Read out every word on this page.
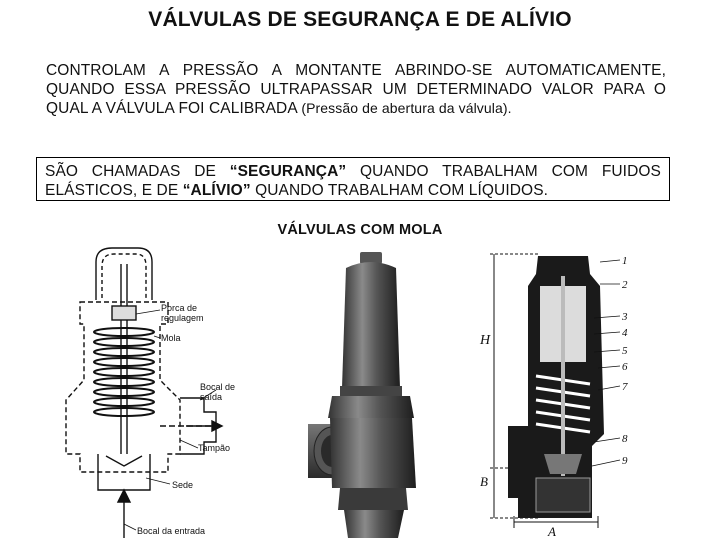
VÁLVULAS DE SEGURANÇA E DE ALÍVIO
CONTROLAM A PRESSÃO A MONTANTE ABRINDO-SE AUTOMATICAMENTE, QUANDO ESSA PRESSÃO ULTRAPASSAR UM DETERMINADO VALOR PARA O QUAL A VÁLVULA FOI CALIBRADA (Pressão de abertura da válvula).
SÃO CHAMADAS DE “SEGURANÇA” QUANDO TRABALHAM COM FUIDOS ELÁSTICOS, E DE “ALÍVIO” QUANDO TRABALHAM COM LÍQUIDOS.
VÁLVULAS COM MOLA
Porca de
regulagem
Mola
Bocal de
saída
Tampão
Sede
Bocal da entrada
1
2
3
4
5
6
7
8
9
H
B
A
